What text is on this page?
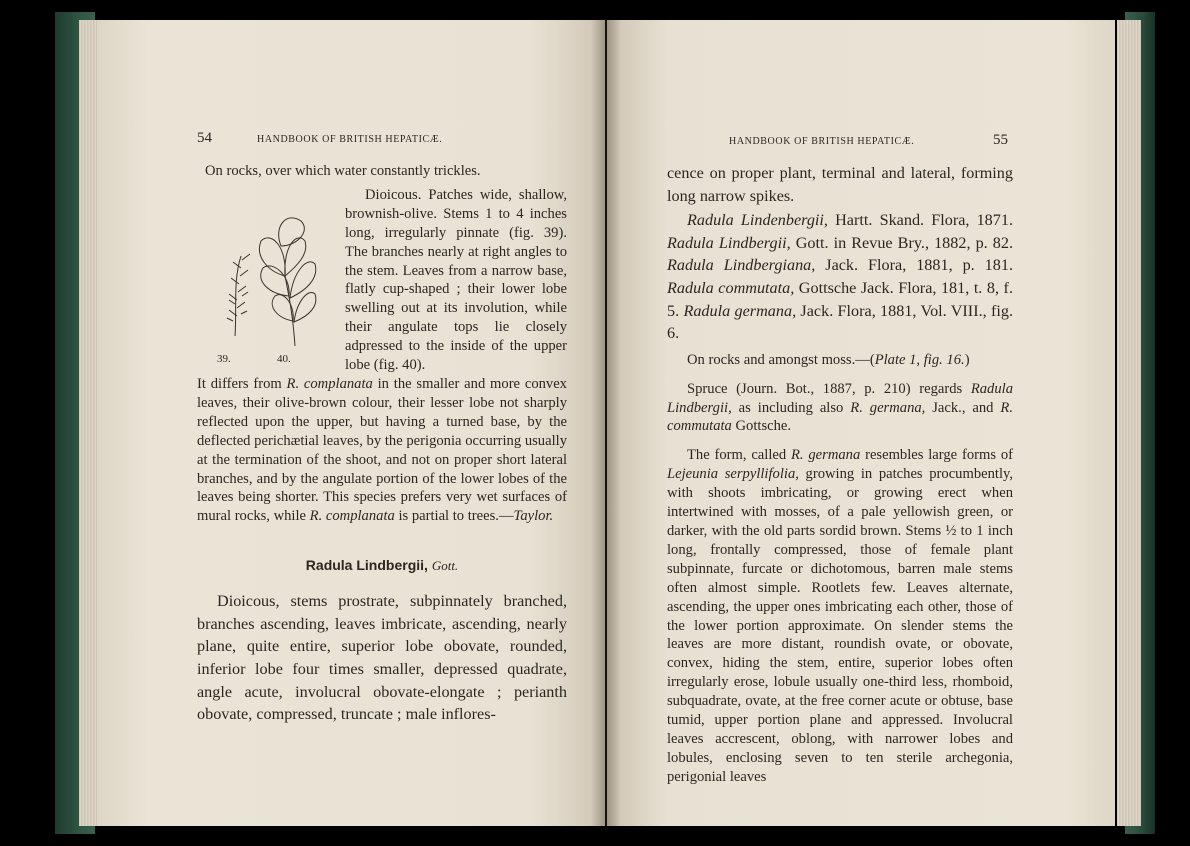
54	HANDBOOK OF BRITISH HEPATICÆ.

On rocks, over which water constantly trickles.

39.	40.

Dioicous. Patches wide, shallow, brownish-olive. Stems 1 to 4 inches long, irregularly pinnate (fig. 39). The branches nearly at right angles to the stem. Leaves from a narrow base, flatly cup-shaped ; their lower lobe swelling out at its involution, while their angulate tops lie closely adpressed to the inside of the upper lobe (fig. 40).

It differs from R. complanata in the smaller and more convex leaves, their olive-brown colour, their lesser lobe not sharply reflected upon the upper, but having a turned base, by the deflected perichætial leaves, by the perigonia occurring usually at the termination of the shoot, and not on proper short lateral branches, and by the angulate portion of the lower lobes of the leaves being shorter. This species prefers very wet surfaces of mural rocks, while R. complanata is partial to trees.—Taylor.

Radula Lindbergii, Gott.

Dioicous, stems prostrate, subpinnately branched, branches ascending, leaves imbricate, ascending, nearly plane, quite entire, superior lobe obovate, rounded, inferior lobe four times smaller, depressed quadrate, angle acute, involucral obovate-elongate ; perianth obovate, compressed, truncate ; male inflores-

HANDBOOK OF BRITISH HEPATICÆ.	55

cence on proper plant, terminal and lateral, forming long narrow spikes.

Radula Lindenbergii, Hartt. Skand. Flora, 1871. Radula Lindbergii, Gott. in Revue Bry., 1882, p. 82. Radula Lindbergiana, Jack. Flora, 1881, p. 181. Radula commutata, Gottsche Jack. Flora, 181, t. 8, f. 5. Radula germana, Jack. Flora, 1881, Vol. VIII., fig. 6.

On rocks and amongst moss.—(Plate 1, fig. 16.)

Spruce (Journ. Bot., 1887, p. 210) regards Radula Lindbergii, as including also R. germana, Jack., and R. commutata Gottsche.

The form, called R. germana resembles large forms of Lejeunia serpyllifolia, growing in patches procumbently, with shoots imbricating, or growing erect when intertwined with mosses, of a pale yellowish green, or darker, with the old parts sordid brown. Stems ½ to 1 inch long, frontally compressed, those of female plant subpinnate, furcate or dichotomous, barren male stems often almost simple. Rootlets few. Leaves alternate, ascending, the upper ones imbricating each other, those of the lower portion approximate. On slender stems the leaves are more distant, roundish ovate, or obovate, convex, hiding the stem, entire, superior lobes often irregularly erose, lobule usually one-third less, rhomboid, subquadrate, ovate, at the free corner acute or obtuse, base tumid, upper portion plane and appressed. Involucral leaves accrescent, oblong, with narrower lobes and lobules, enclosing seven to ten sterile archegonia, perigonial leaves
